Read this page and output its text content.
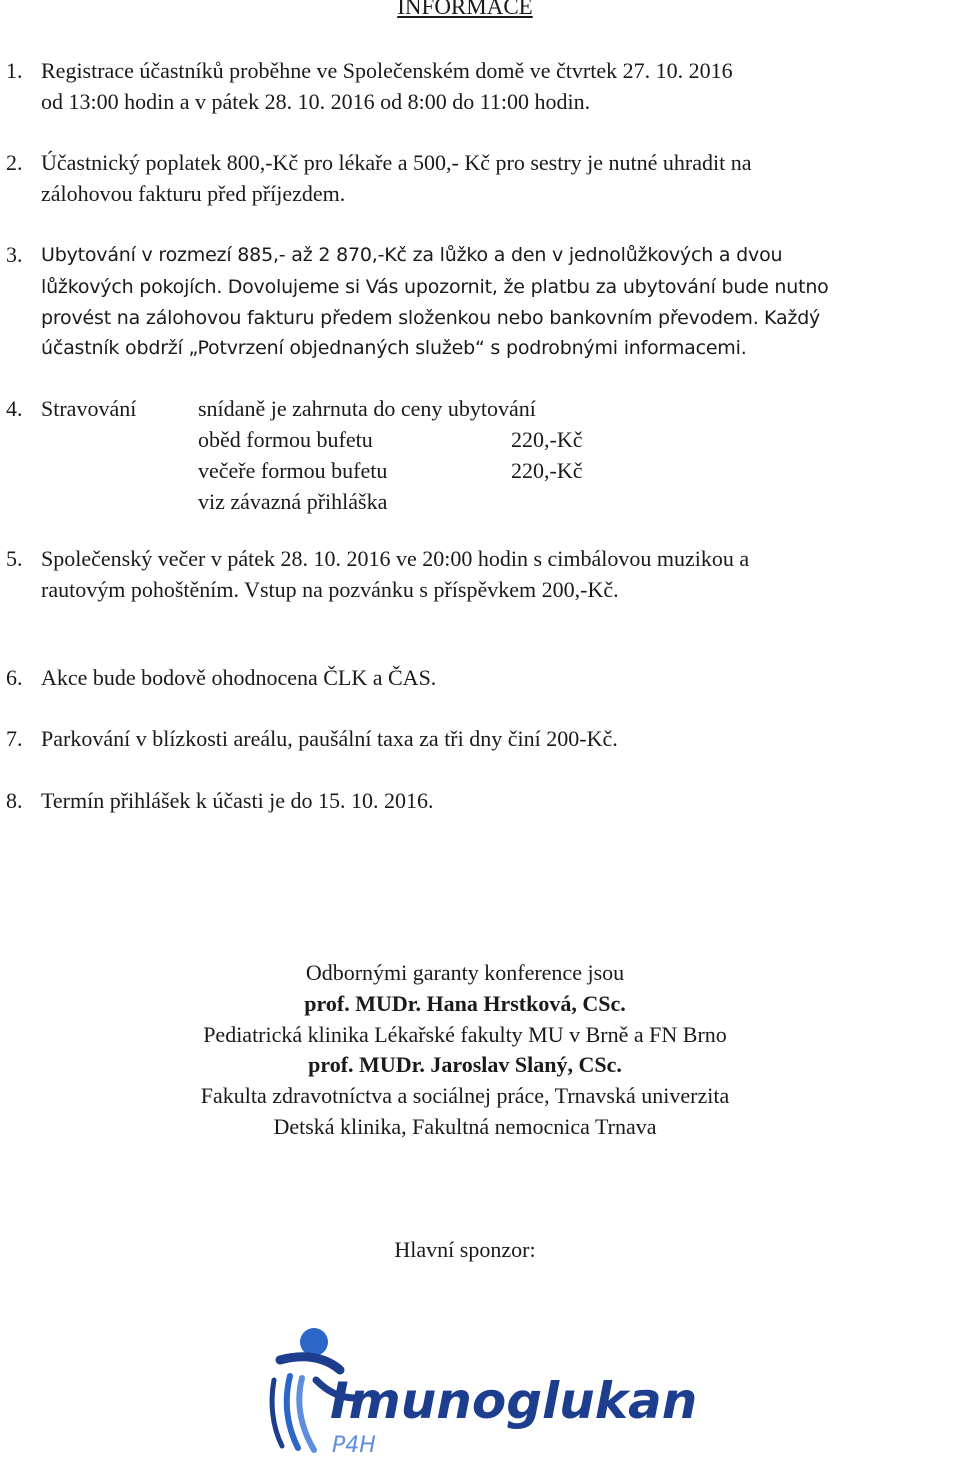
INFORMACE
1. Registrace účastníků proběhne ve Společenském domě ve čtvrtek 27. 10. 2016
od 13:00 hodin a v pátek 28. 10. 2016 od 8:00 do 11:00 hodin.
2. Účastnický poplatek 800,-Kč pro lékaře a 500,- Kč pro sestry je nutné uhradit na
zálohovou fakturu před příjezdem.
3. Ubytování v rozmezí 885,- až 2 870,-Kč za lůžko a den v jednolůžkových a dvou
lůžkových pokojích. Dovolujeme si Vás upozornit, že platbu za ubytování bude nutno
provést na zálohovou fakturu předem složenkou nebo bankovním převodem. Každý
účastník obdrží „Potvrzení objednaných služeb“ s podrobnými informacemi.
4. Stravování	snídaně je zahrnuta do ceny ubytování
oběd formou bufetu	220,-Kč
večeře formou bufetu	220,-Kč
viz závazná přihláška
5. Společenský večer v pátek 28. 10. 2016 ve 20:00 hodin s cimbálovou muzikou a
rautovým pohoštěním. Vstup na pozvánku s příspěvkem 200,-Kč.
6. Akce bude bodově ohodnocena ČLK a ČAS.
7. Parkování v blízkosti areálu, paušální taxa za tři dny činí 200-Kč.
8. Termín přihlášek k účasti je do 15. 10. 2016.
Odbornými garanty konference jsou
prof. MUDr. Hana Hrstková, CSc.
Pediatrická klinika Lékařské fakulty MU v Brně a FN Brno
prof. MUDr. Jaroslav Slaný, CSc.
Fakulta zdravotníctva a sociálnej práce, Trnavská univerzita
Detská klinika, Fakultná nemocnica Trnava
Hlavní sponzor:
Imunoglukan
P4H
